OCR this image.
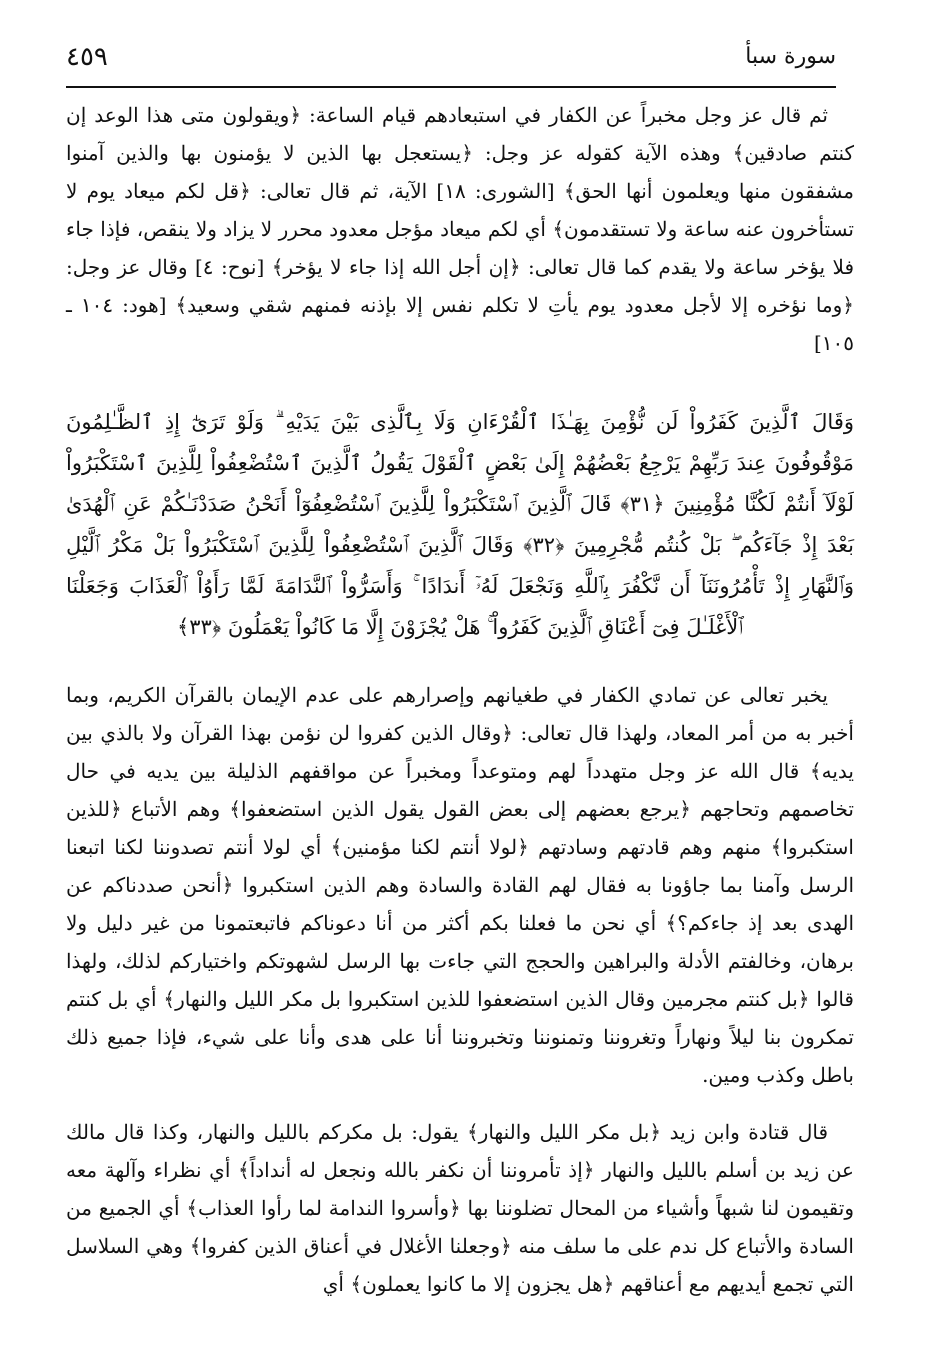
سورة سبأ
٤٥٩

ثم قال عز وجل مخبراً عن الكفار في استبعادهم قيام الساعة: ﴿ويقولون متى هذا الوعد إن كنتم صادقين﴾ وهذه الآية كقوله عز وجل: ﴿يستعجل بها الذين لا يؤمنون بها والذين آمنوا مشفقون منها ويعلمون أنها الحق﴾ [الشورى: ١٨] الآية، ثم قال تعالى: ﴿قل لكم ميعاد يوم لا تستأخرون عنه ساعة ولا تستقدمون﴾ أي لكم ميعاد مؤجل معدود محرر لا يزاد ولا ينقص، فإذا جاء فلا يؤخر ساعة ولا يقدم كما قال تعالى: ﴿إن أجل الله إذا جاء لا يؤخر﴾ [نوح: ٤] وقال عز وجل: ﴿وما نؤخره إلا لأجل معدود يوم يأتِ لا تكلم نفس إلا بإذنه فمنهم شقي وسعيد﴾ [هود: ١٠٤ ـ ١٠٥]

وَقَالَ ٱلَّذِينَ كَفَرُواْ لَن نُّؤْمِنَ بِهَـٰذَا ٱلْقُرْءَانِ وَلَا بِٱلَّذِى بَيْنَ يَدَيْهِ ۗ وَلَوْ تَرَىٰٓ إِذِ ٱلظَّـٰلِمُونَ مَوْقُوفُونَ عِندَ رَبِّهِمْ يَرْجِعُ بَعْضُهُمْ إِلَىٰ بَعْضٍ ٱلْقَوْلَ يَقُولُ ٱلَّذِينَ ٱسْتُضْعِفُواْ لِلَّذِينَ ٱسْتَكْبَرُواْ لَوْلَآ أَنتُمْ لَكُنَّا مُؤْمِنِينَ ﴿٣١﴾ قَالَ ٱلَّذِينَ ٱسْتَكْبَرُواْ لِلَّذِينَ ٱسْتُضْعِفُوٓاْ أَنَحْنُ صَدَدْنَـٰكُمْ عَنِ ٱلْهُدَىٰ بَعْدَ إِذْ جَآءَكُم ۖ بَلْ كُنتُم مُّجْرِمِينَ ﴿٣٢﴾ وَقَالَ ٱلَّذِينَ ٱسْتُضْعِفُواْ لِلَّذِينَ ٱسْتَكْبَرُواْ بَلْ مَكْرُ ٱلَّيْلِ وَٱلنَّهَارِ إِذْ تَأْمُرُونَنَآ أَن نَّكْفُرَ بِٱللَّهِ وَنَجْعَلَ لَهُۥٓ أَندَادًا ۚ وَأَسَرُّواْ ٱلنَّدَامَةَ لَمَّا رَأَوُاْ ٱلْعَذَابَ وَجَعَلْنَا ٱلْأَغْلَـٰلَ فِىٓ أَعْنَاقِ ٱلَّذِينَ كَفَرُواْ ۚ هَلْ يُجْزَوْنَ إِلَّا مَا كَانُواْ يَعْمَلُونَ ﴿٣٣﴾

يخبر تعالى عن تمادي الكفار في طغيانهم وإصرارهم على عدم الإيمان بالقرآن الكريم، وبما أخبر به من أمر المعاد، ولهذا قال تعالى: ﴿وقال الذين كفروا لن نؤمن بهذا القرآن ولا بالذي بين يديه﴾ قال الله عز وجل متهدداً لهم ومتوعداً ومخبراً عن مواقفهم الذليلة بين يديه في حال تخاصمهم وتحاجهم ﴿يرجع بعضهم إلى بعض القول يقول الذين استضعفوا﴾ وهم الأتباع ﴿للذين استكبروا﴾ منهم وهم قادتهم وسادتهم ﴿لولا أنتم لكنا مؤمنين﴾ أي لولا أنتم تصدوننا لكنا اتبعنا الرسل وآمنا بما جاؤونا به فقال لهم القادة والسادة وهم الذين استكبروا ﴿أنحن صددناكم عن الهدى بعد إذ جاءكم؟﴾ أي نحن ما فعلنا بكم أكثر من أنا دعوناكم فاتبعتمونا من غير دليل ولا برهان، وخالفتم الأدلة والبراهين والحجج التي جاءت بها الرسل لشهوتكم واختياركم لذلك، ولهذا قالوا ﴿بل كنتم مجرمين وقال الذين استضعفوا للذين استكبروا بل مكر الليل والنهار﴾ أي بل كنتم تمكرون بنا ليلاً ونهاراً وتغروننا وتمنوننا وتخبروننا أنا على هدى وأنا على شيء، فإذا جميع ذلك باطل وكذب ومين.

قال قتادة وابن زيد ﴿بل مكر الليل والنهار﴾ يقول: بل مكركم بالليل والنهار، وكذا قال مالك عن زيد بن أسلم بالليل والنهار ﴿إذ تأمروننا أن نكفر بالله ونجعل له أنداداً﴾ أي نظراء وآلهة معه وتقيمون لنا شبهاً وأشياء من المحال تضلوننا بها ﴿وأسروا الندامة لما رأوا العذاب﴾ أي الجميع من السادة والأتباع كل ندم على ما سلف منه ﴿وجعلنا الأغلال في أعناق الذين كفروا﴾ وهي السلاسل التي تجمع أيديهم مع أعناقهم ﴿هل يجزون إلا ما كانوا يعملون﴾ أي
